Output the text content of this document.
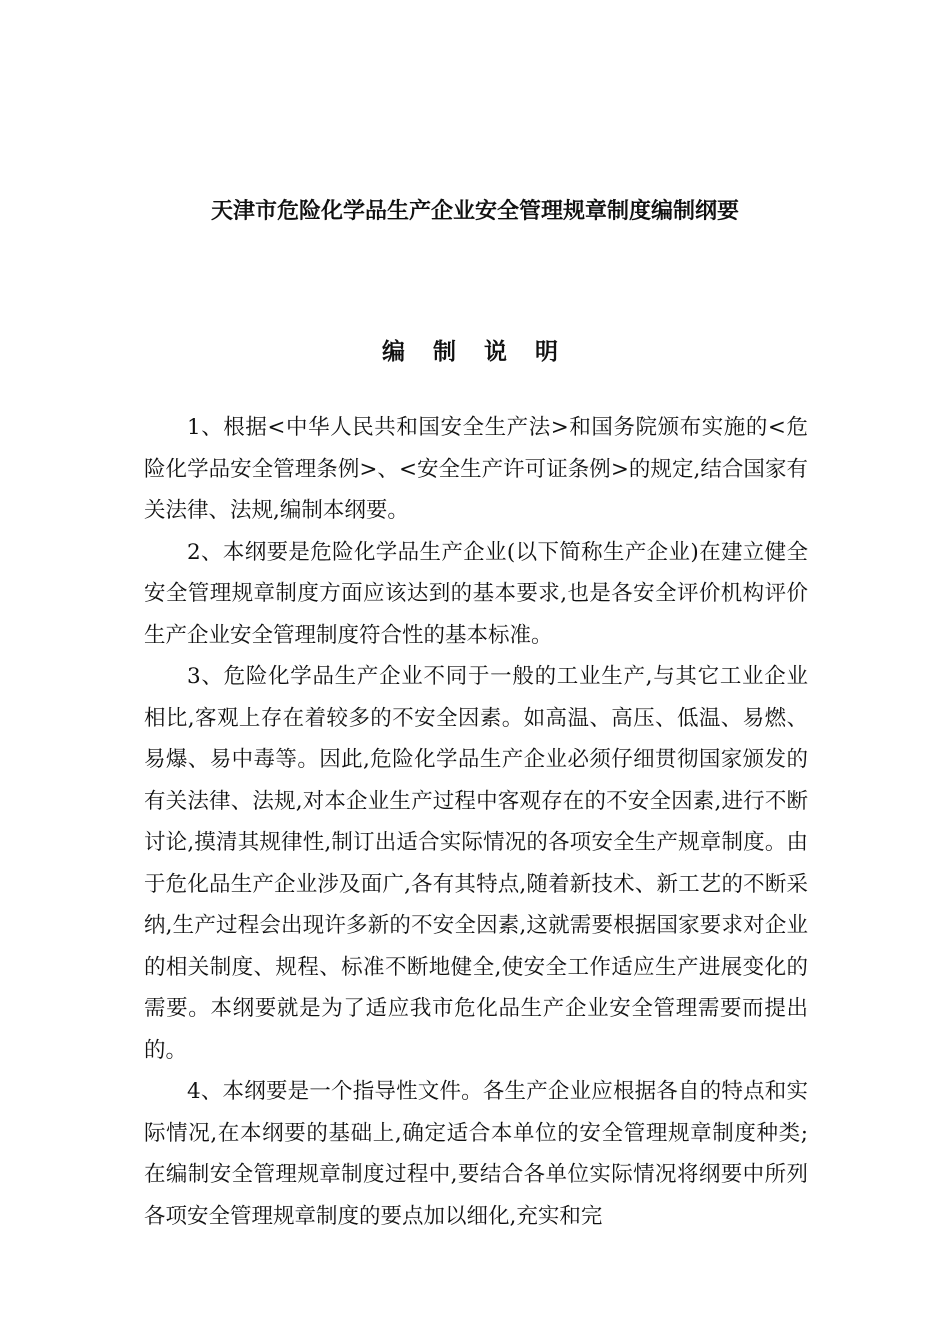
天津市危险化学品生产企业安全管理规章制度编制纲要
编 制 说 明

1、根据<中华人民共和国安全生产法>和国务院颁布实施的<危险化学品安全管理条例>、<安全生产许可证条例>的规定,结合国家有关法律、法规,编制本纲要。

2、本纲要是危险化学品生产企业(以下简称生产企业)在建立健全安全管理规章制度方面应该达到的基本要求,也是各安全评价机构评价生产企业安全管理制度符合性的基本标准。

3、危险化学品生产企业不同于一般的工业生产,与其它工业企业相比,客观上存在着较多的不安全因素。如高温、高压、低温、易燃、易爆、易中毒等。因此,危险化学品生产企业必须仔细贯彻国家颁发的有关法律、法规,对本企业生产过程中客观存在的不安全因素,进行不断讨论,摸清其规律性,制订出适合实际情况的各项安全生产规章制度。由于危化品生产企业涉及面广,各有其特点,随着新技术、新工艺的不断采纳,生产过程会出现许多新的不安全因素,这就需要根据国家要求对企业的相关制度、规程、标准不断地健全,使安全工作适应生产进展变化的需要。本纲要就是为了适应我市危化品生产企业安全管理需要而提出的。

4、本纲要是一个指导性文件。各生产企业应根据各自的特点和实际情况,在本纲要的基础上,确定适合本单位的安全管理规章制度种类;在编制安全管理规章制度过程中,要结合各单位实际情况将纲要中所列各项安全管理规章制度的要点加以细化,充实和完
